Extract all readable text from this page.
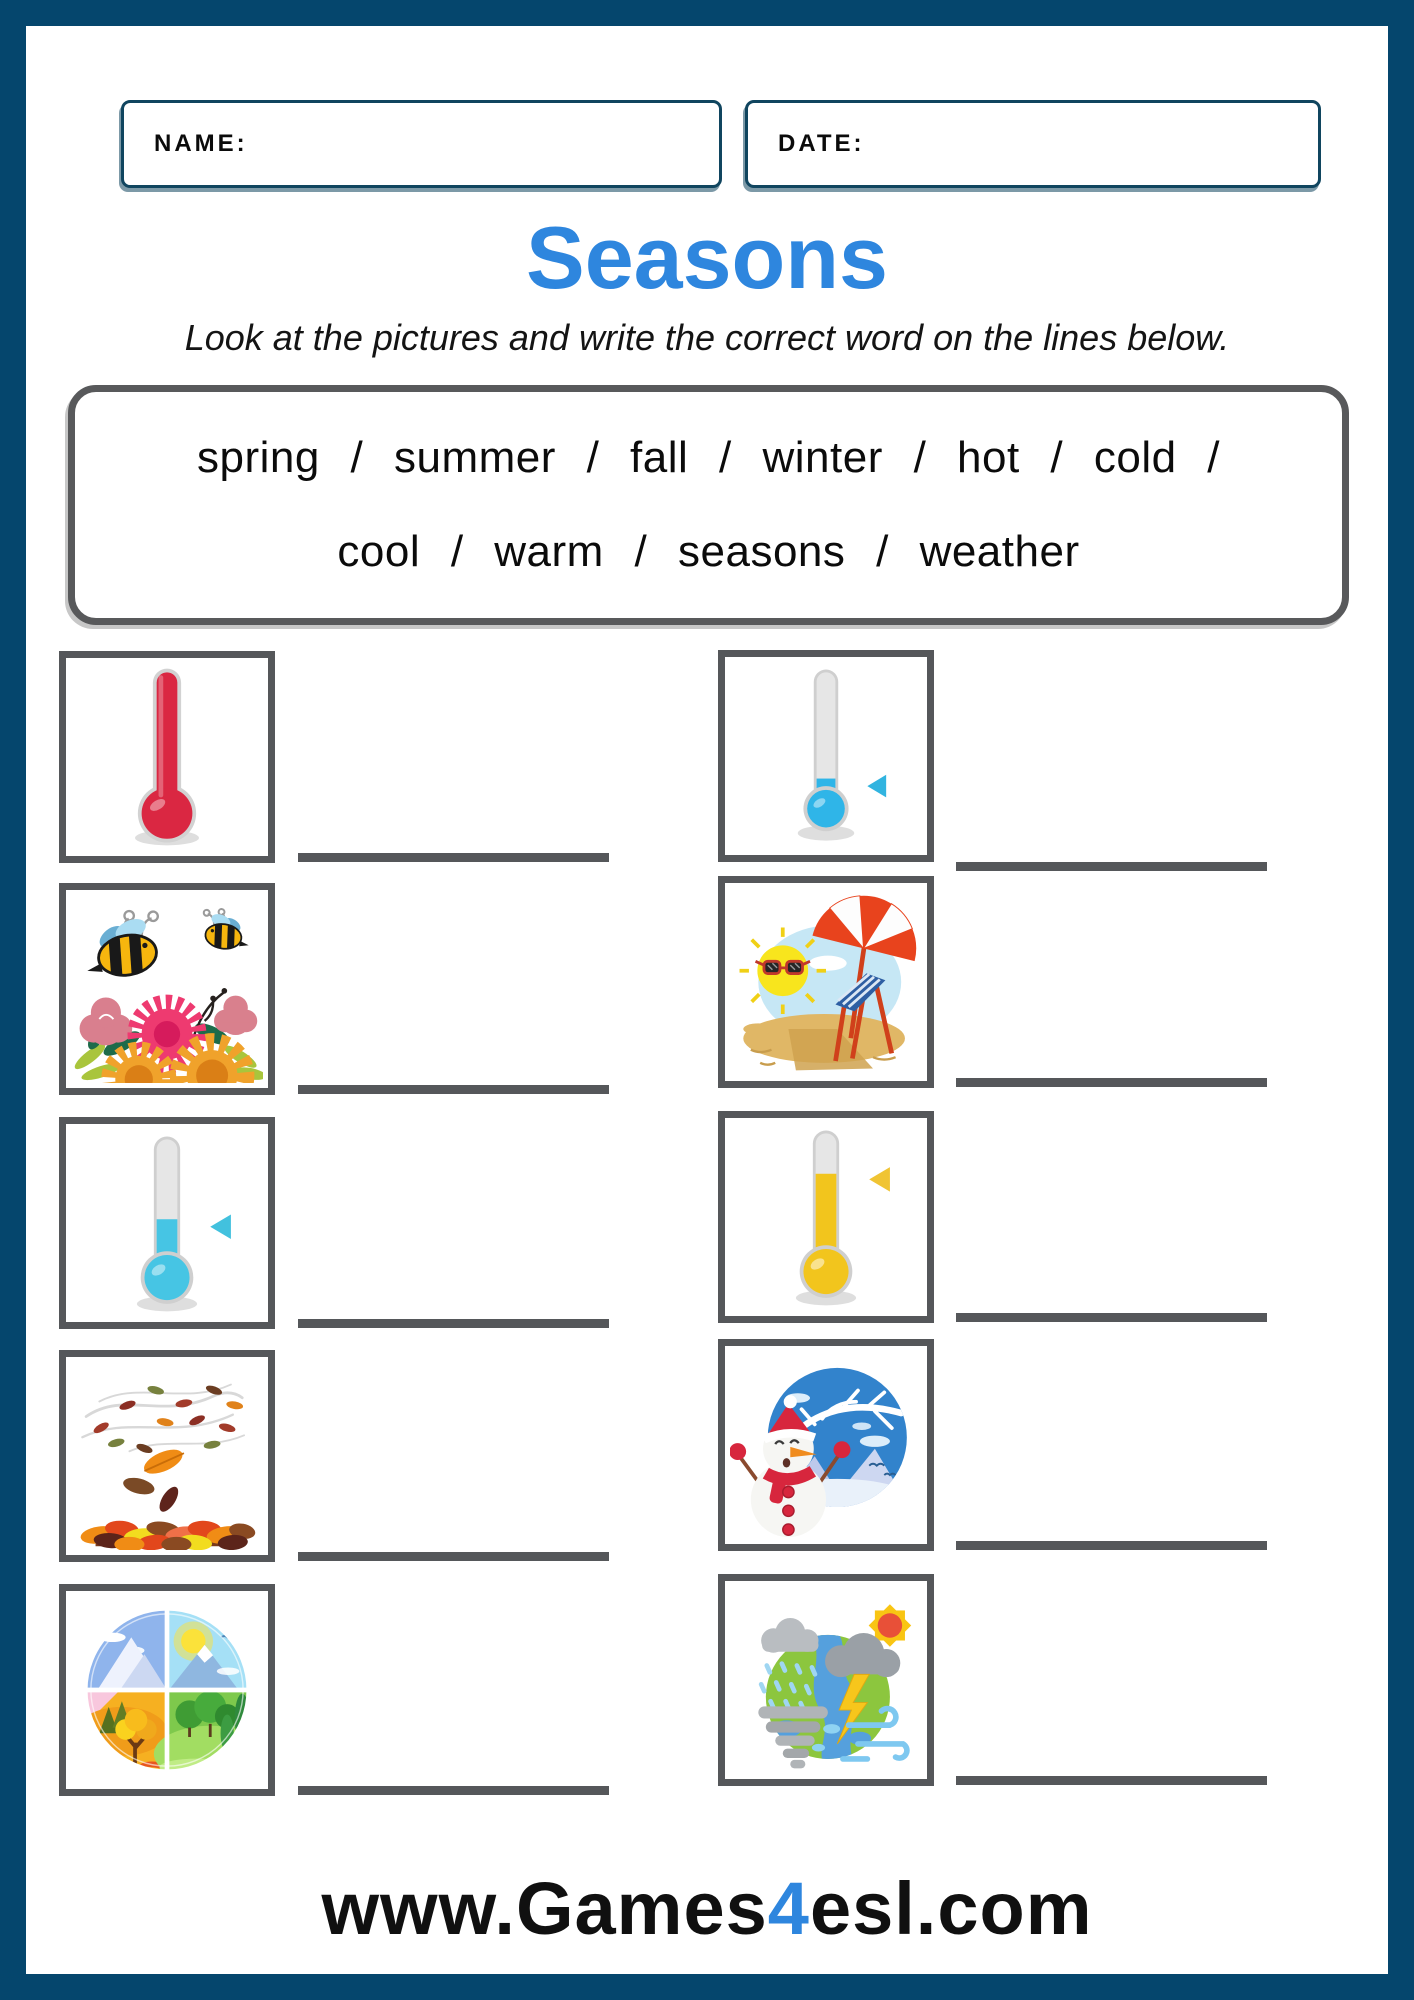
NAME:	DATE:
Seasons

Look at the pictures and write the correct word on the lines below.

spring / summer / fall / winter / hot / cold /
cool / warm / seasons / weather
www.Games4esl.com
